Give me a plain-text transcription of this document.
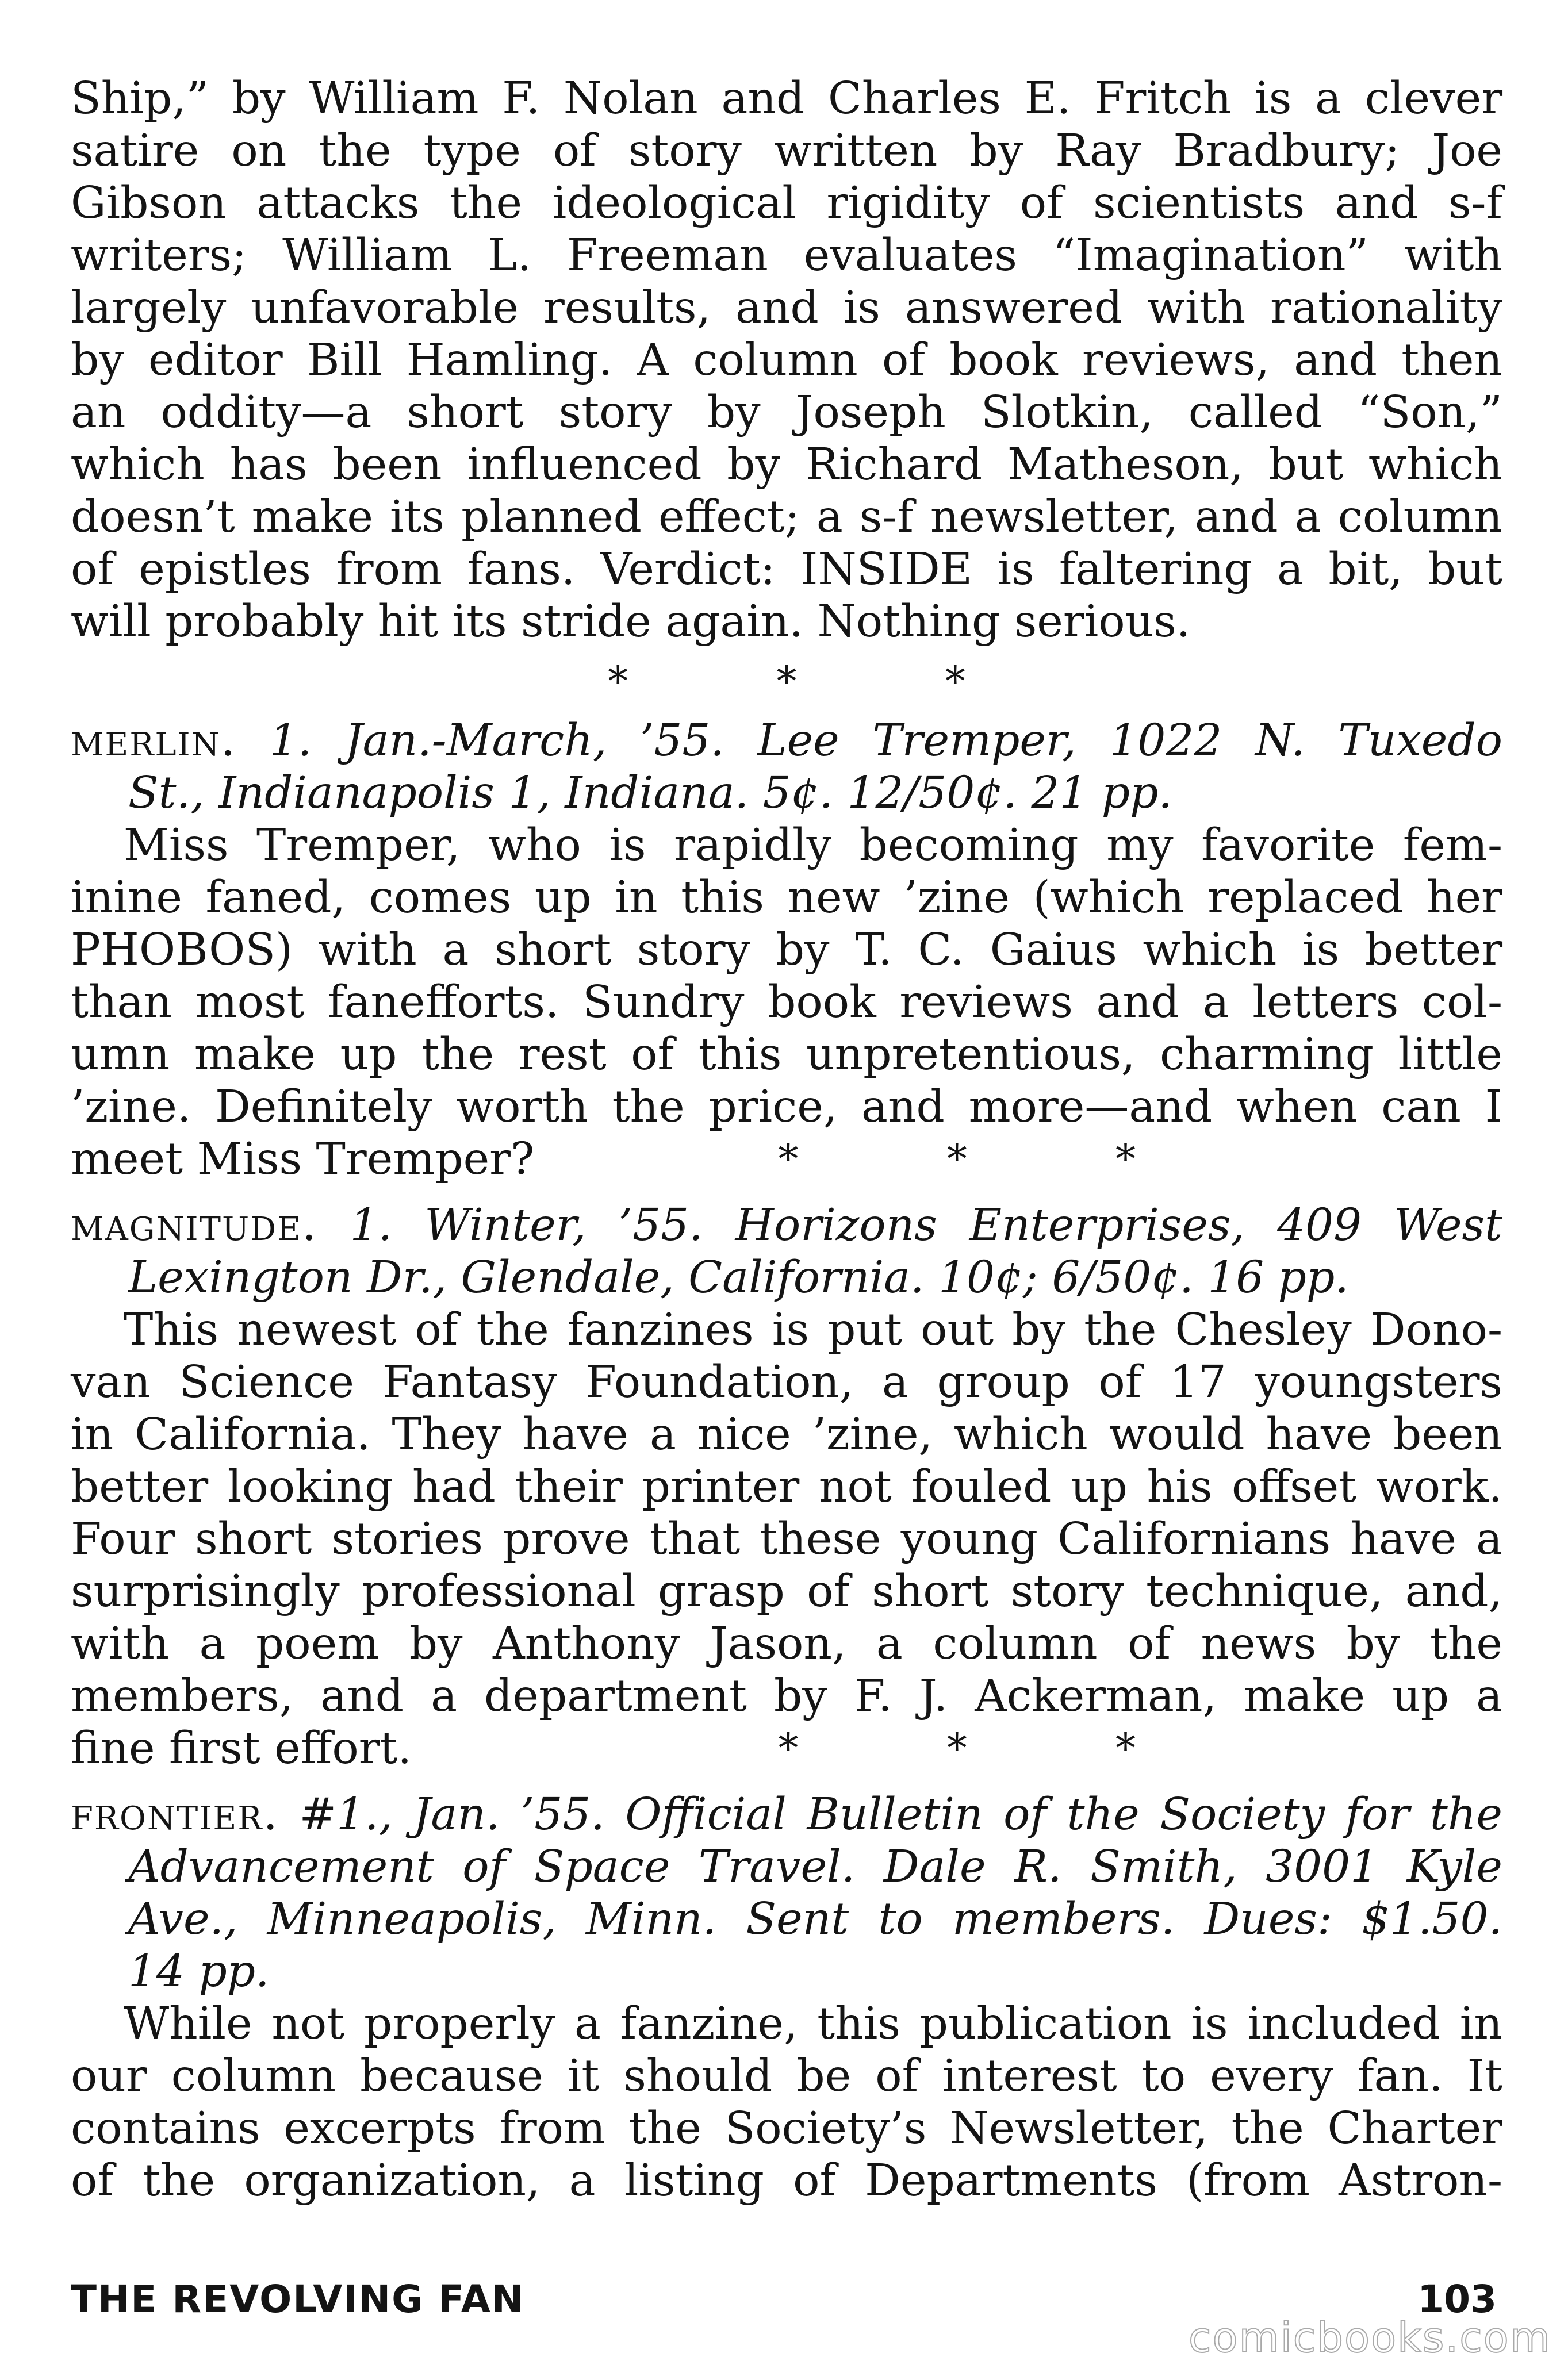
Ship,” by William F. Nolan and Charles E. Fritch is a clever
satire on the type of story written by Ray Bradbury; Joe
Gibson attacks the ideological rigidity of scientists and s-f
writers; William L. Freeman evaluates “Imagination” with
largely unfavorable results, and is answered with rationality
by editor Bill Hamling. A column of book reviews, and then
an oddity—a short story by Joseph Slotkin, called “Son,”
which has been influenced by Richard Matheson, but which
doesn’t make its planned effect; a s-f newsletter, and a column
of epistles from fans. Verdict: INSIDE is faltering a bit, but
will probably hit its stride again. Nothing serious.

* * *

merlin. 1. Jan.-March, ’55. Lee Tremper, 1022 N. Tuxedo
St., Indianapolis 1, Indiana. 5¢. 12/50¢. 21 pp.
Miss Tremper, who is rapidly becoming my favorite fem-
inine faned, comes up in this new ’zine (which replaced her
PHOBOS) with a short story by T. C. Gaius which is better
than most fanefforts. Sundry book reviews and a letters col-
umn make up the rest of this unpretentious, charming little
’zine. Definitely worth the price, and more—and when can I
meet Miss Tremper?	* * *

magnitude. 1. Winter, ’55. Horizons Enterprises, 409 West
Lexington Dr., Glendale, California. 10¢; 6/50¢. 16 pp.
This newest of the fanzines is put out by the Chesley Dono-
van Science Fantasy Foundation, a group of 17 youngsters
in California. They have a nice ’zine, which would have been
better looking had their printer not fouled up his offset work.
Four short stories prove that these young Californians have a
surprisingly professional grasp of short story technique, and,
with a poem by Anthony Jason, a column of news by the
members, and a department by F. J. Ackerman, make up a
fine first effort.	* * *

frontier. #1., Jan. ’55. Official Bulletin of the Society for the
Advancement of Space Travel. Dale R. Smith, 3001 Kyle
Ave., Minneapolis, Minn. Sent to members. Dues: $1.50.
14 pp.
While not properly a fanzine, this publication is included in
our column because it should be of interest to every fan. It
contains excerpts from the Society’s Newsletter, the Charter
of the organization, a listing of Departments (from Astron-

THE REVOLVING FAN	103
comicbooks.com
